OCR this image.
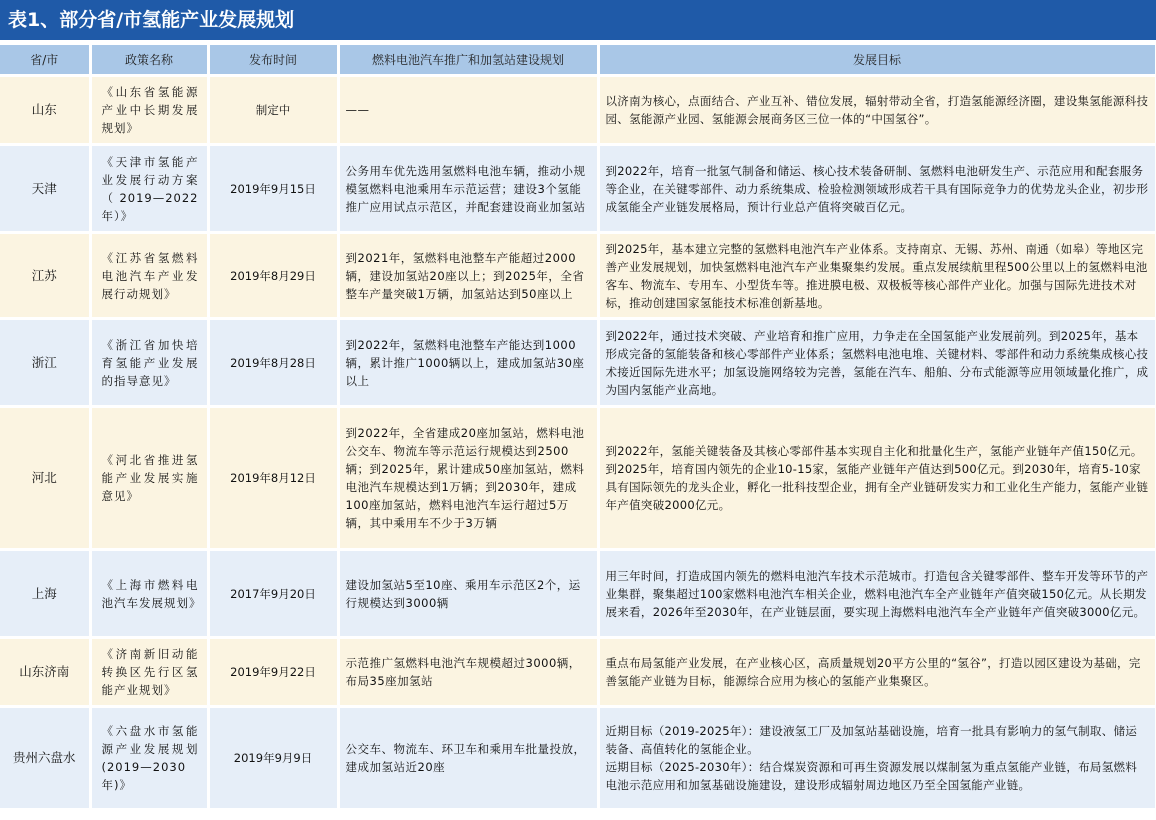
表1、部分省/市氢能产业发展规划
省/市	政策名称	发布时间	燃料电池汽车推广和加氢站建设规划	发展目标
山东	《山东省氢能源产业中长期发展规划》	制定中	——	以济南为核心，点面结合、产业互补、错位发展，辐射带动全省，打造氢能源经济圈，建设集氢能源科技园、氢能源产业园、氢能源会展商务区三位一体的“中国氢谷”。
天津	《天津市氢能产业发展行动方案（2019—2022年）》	2019年9月15日	公务用车优先选用氢燃料电池车辆，推动小规模氢燃料电池乘用车示范运营；建设3个氢能推广应用试点示范区，并配套建设商业加氢站	到2022年，培育一批氢气制备和储运、核心技术装备研制、氢燃料电池研发生产、示范应用和配套服务等企业，在关键零部件、动力系统集成、检验检测领域形成若干具有国际竞争力的优势龙头企业，初步形成氢能全产业链发展格局，预计行业总产值将突破百亿元。
江苏	《江苏省氢燃料电池汽车产业发展行动规划》	2019年8月29日	到2021年，氢燃料电池整车产能超过2000辆，建设加氢站20座以上；到2025年，全省整车产量突破1万辆，加氢站达到50座以上	到2025年，基本建立完整的氢燃料电池汽车产业体系。支持南京、无锡、苏州、南通（如皋）等地区完善产业发展规划，加快氢燃料电池汽车产业集聚集约发展。重点发展续航里程500公里以上的氢燃料电池客车、物流车、专用车、小型货车等。推进膜电极、双极板等核心部件产业化。加强与国际先进技术对标，推动创建国家氢能技术标准创新基地。
浙江	《浙江省加快培育氢能产业发展的指导意见》	2019年8月28日	到2022年，氢燃料电池整车产能达到1000辆，累计推广1000辆以上，建成加氢站30座以上	到2022年，通过技术突破、产业培育和推广应用，力争走在全国氢能产业发展前列。到2025年，基本形成完备的氢能装备和核心零部件产业体系；氢燃料电池电堆、关键材料、零部件和动力系统集成核心技术接近国际先进水平；加氢设施网络较为完善，氢能在汽车、船舶、分布式能源等应用领域量化推广，成为国内氢能产业高地。
河北	《河北省推进氢能产业发展实施意见》	2019年8月12日	到2022年，全省建成20座加氢站，燃料电池公交车、物流车等示范运行规模达到2500辆；到2025年，累计建成50座加氢站，燃料电池汽车规模达到1万辆；到2030年，建成100座加氢站，燃料电池汽车运行超过5万辆，其中乘用车不少于3万辆	到2022年，氢能关键装备及其核心零部件基本实现自主化和批量化生产，氢能产业链年产值150亿元。到2025年，培育国内领先的企业10-15家，氢能产业链年产值达到500亿元。到2030年，培育5-10家具有国际领先的龙头企业，孵化一批科技型企业，拥有全产业链研发实力和工业化生产能力，氢能产业链年产值突破2000亿元。
上海	《上海市燃料电池汽车发展规划》	2017年9月20日	建设加氢站5至10座、乘用车示范区2个，运行规模达到3000辆	用三年时间，打造成国内领先的燃料电池汽车技术示范城市。打造包含关键零部件、整车开发等环节的产业集群，聚集超过100家燃料电池汽车相关企业，燃料电池汽车全产业链年产值突破150亿元。从长期发展来看，2026年至2030年，在产业链层面，要实现上海燃料电池汽车全产业链年产值突破3000亿元。
山东济南	《济南新旧动能转换区先行区氢能产业规划》	2019年9月22日	示范推广氢燃料电池汽车规模超过3000辆，布局35座加氢站	重点布局氢能产业发展，在产业核心区，高质量规划20平方公里的“氢谷”，打造以园区建设为基础，完善氢能产业链为目标，能源综合应用为核心的氢能产业集聚区。
贵州六盘水	《六盘水市氢能源产业发展规划(2019—2030年)》	2019年9月9日	公交车、物流车、环卫车和乘用车批量投放，建成加氢站近20座	近期目标（2019-2025年）：建设液氢工厂及加氢站基础设施，培育一批具有影响力的氢气制取、储运装备、高值转化的氢能企业。
远期目标（2025-2030年）：结合煤炭资源和可再生资源发展以煤制氢为重点氢能产业链，布局氢燃料电池示范应用和加氢基础设施建设，建设形成辐射周边地区乃至全国氢能产业链。
